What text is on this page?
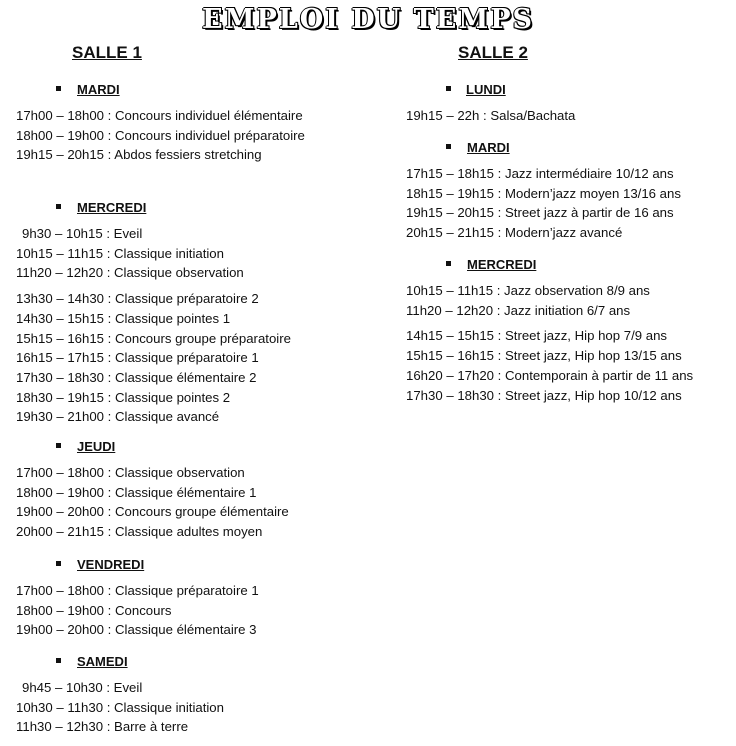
EMPLOI DU TEMPS
SALLE 1	SALLE 2
MARDI
17h00 – 18h00 : Concours individuel élémentaire
18h00 – 19h00 : Concours individuel préparatoire
19h15 – 20h15 : Abdos fessiers stretching
MERCREDI
9h30 – 10h15 : Eveil
10h15 – 11h15 : Classique initiation
11h20 – 12h20 : Classique observation
13h30 – 14h30 : Classique préparatoire 2
14h30 – 15h15 : Classique pointes 1
15h15 – 16h15 : Concours groupe préparatoire
16h15 – 17h15 : Classique préparatoire 1
17h30 – 18h30 : Classique élémentaire 2
18h30 – 19h15 : Classique pointes 2
19h30 – 21h00 : Classique avancé
JEUDI
17h00 – 18h00 : Classique observation
18h00 – 19h00 : Classique élémentaire 1
19h00 – 20h00 : Concours groupe élémentaire
20h00 – 21h15 : Classique adultes moyen
VENDREDI
17h00 – 18h00 : Classique préparatoire 1
18h00 – 19h00 : Concours
19h00 – 20h00 : Classique élémentaire 3
SAMEDI
9h45 – 10h30 : Eveil
10h30 – 11h30 : Classique initiation
11h30 – 12h30 : Barre à terre
LUNDI
19h15 – 22h : Salsa/Bachata
MARDI
17h15 – 18h15 : Jazz intermédiaire 10/12 ans
18h15 – 19h15 : Modern’jazz moyen 13/16 ans
19h15 – 20h15 : Street jazz à partir de 16 ans
20h15 – 21h15 : Modern’jazz avancé
MERCREDI
10h15 – 11h15 : Jazz observation 8/9 ans
11h20 – 12h20 : Jazz initiation 6/7 ans
14h15 – 15h15 : Street jazz, Hip hop 7/9 ans
15h15 – 16h15 : Street jazz, Hip hop 13/15 ans
16h20 – 17h20 : Contemporain à partir de 11 ans
17h30 – 18h30 : Street jazz, Hip hop 10/12 ans
